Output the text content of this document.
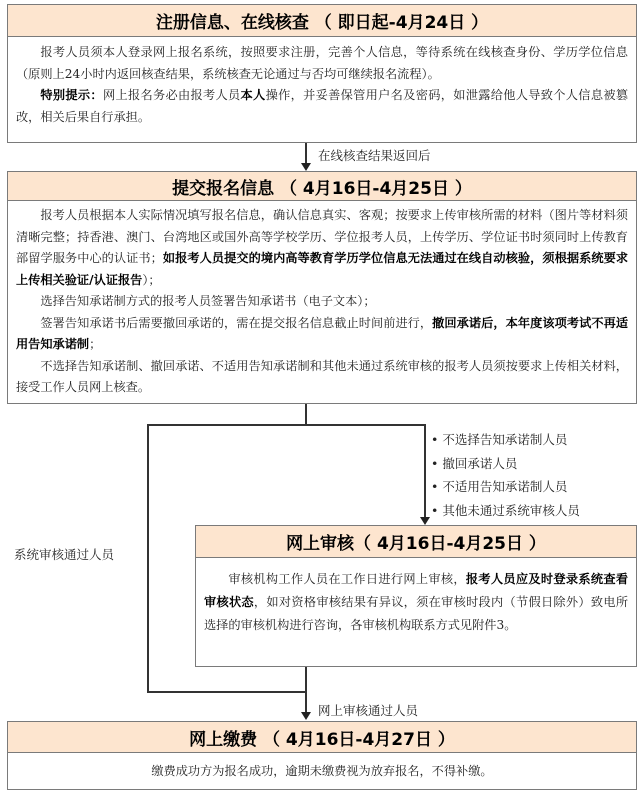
注册信息、在线核查 （ 即日起-4月24日 ）

报考人员须本人登录网上报名系统，按照要求注册，完善个人信息，等待系统在线核查身份、学历学位信息（原则上24小时内返回核查结果，系统核查无论通过与否均可继续报名流程）。

特别提示：网上报名务必由报考人员本人操作，并妥善保管用户名及密码，如泄露给他人导致个人信息被篡改，相关后果自行承担。

在线核查结果返回后
提交报名信息 （ 4月16日-4月25日 ）

报考人员根据本人实际情况填写报名信息，确认信息真实、客观；按要求上传审核所需的材料（图片等材料须清晰完整；持香港、澳门、台湾地区或国外高等学校学历、学位报考人员，上传学历、学位证书时须同时上传教育部留学服务中心的认证书；如报考人员提交的境内高等教育学历学位信息无法通过在线自动核验，须根据系统要求上传相关验证/认证报告）；

选择告知承诺制方式的报考人员签署告知承诺书（电子文本）；

签署告知承诺书后需要撤回承诺的，需在提交报名信息截止时间前进行，撤回承诺后，本年度该项考试不再适用告知承诺制；

不选择告知承诺制、撤回承诺、不适用告知承诺制和其他未通过系统审核的报考人员须按要求上传相关材料，接受工作人员网上核查。

系统审核通过人员
• 不选择告知承诺制人员
• 撤回承诺人员
• 不适用告知承诺制人员
• 其他未通过系统审核人员
网上审核（ 4月16日-4月25日 ）

审核机构工作人员在工作日进行网上审核，报考人员应及时登录系统查看审核状态，如对资格审核结果有异议，须在审核时段内（节假日除外）致电所选择的审核机构进行咨询，各审核机构联系方式见附件3。

网上审核通过人员
网上缴费 （ 4月16日-4月27日 ）
缴费成功方为报名成功，逾期未缴费视为放弃报名，不得补缴。
